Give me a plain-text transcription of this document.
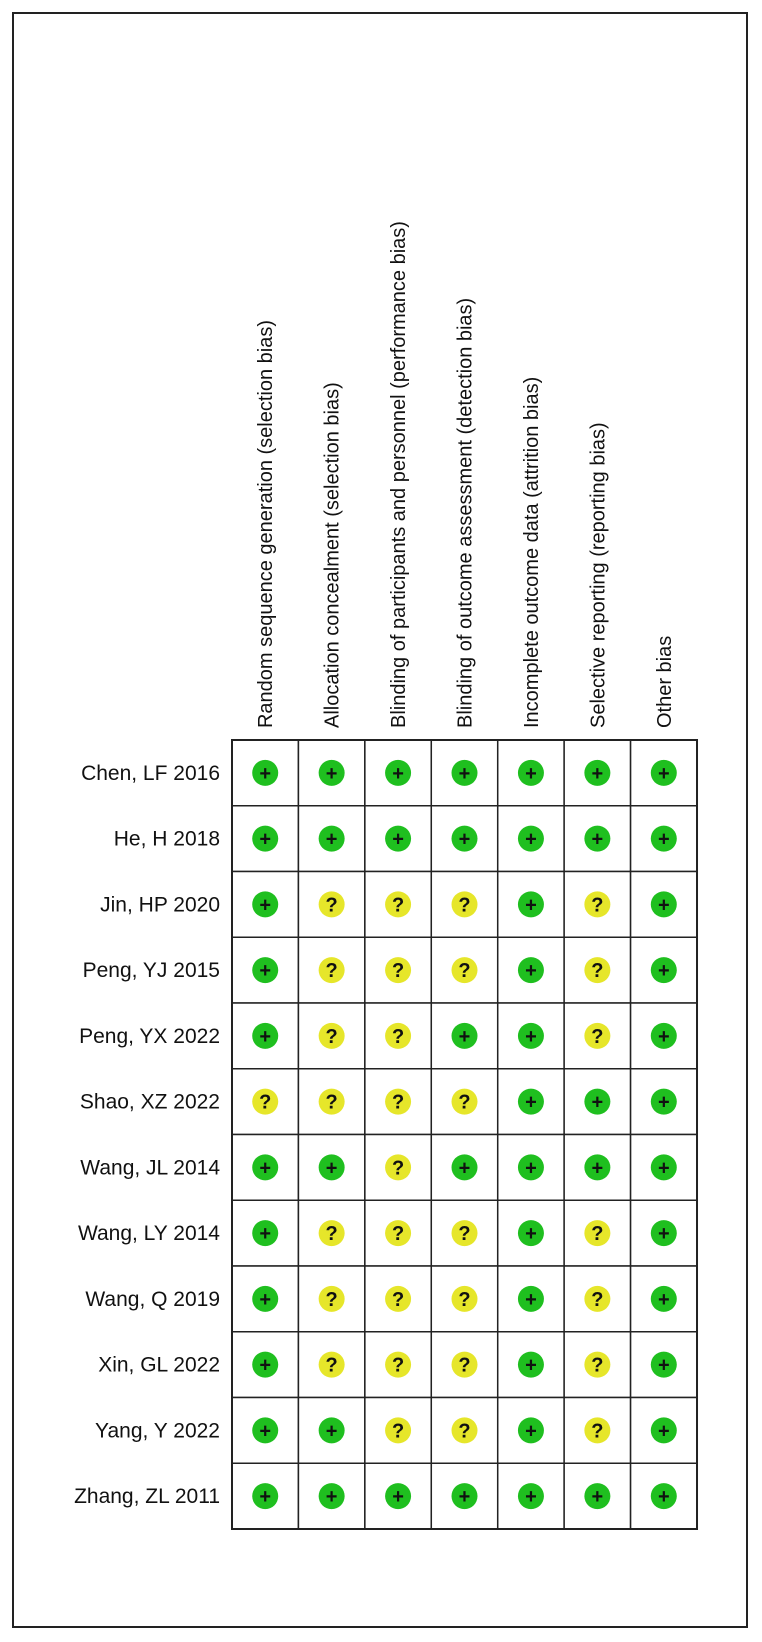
Random sequence generation (selection bias) Allocation concealment (selection bias) Blinding of participants and personnel (performance bias) Blinding of outcome assessment (detection bias) Incomplete outcome data (attrition bias) Selective reporting (reporting bias) Other bias
Chen, LF 2016 +	+	+	+	+	+	+
He, H 2018 +	+	+	+	+	+	+
Jin, HP 2020 +	?	?	?	+	?	+
Peng, YJ 2015 +	?	?	?	+	?	+
Peng, YX 2022 +	?	?	+	+	?	+
Shao, XZ 2022 ?	?	?	?	+	+	+
Wang, JL 2014 +	+	?	+	+	+	+
Wang, LY 2014 +	?	?	?	+	?	+
Wang, Q 2019 +	?	?	?	+	?	+
Xin, GL 2022 +	?	?	?	+	?	+
Yang, Y 2022 +	+	?	?	+	?	+
Zhang, ZL 2011 +	+	+	+	+	+	+
